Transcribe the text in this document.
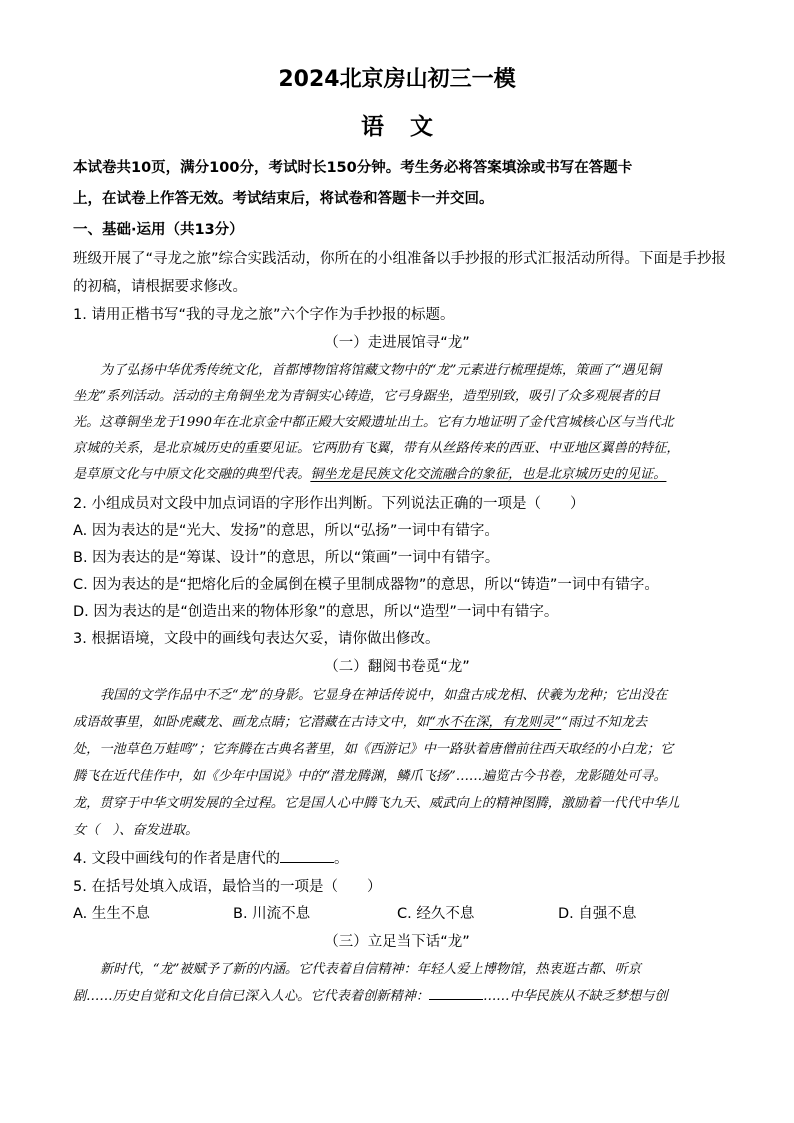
2024北京房山初三一模
语文
本试卷共10页，满分100分，考试时长150分钟。考生务必将答案填涂或书写在答题卡
上，在试卷上作答无效。考试结束后，将试卷和答题卡一并交回。
一、基础·运用（共13分）
班级开展了“寻龙之旅”综合实践活动，你所在的小组准备以手抄报的形式汇报活动所得。下面是手抄报
的初稿，请根据要求修改。
1. 请用正楷书写“我的寻龙之旅”六个字作为手抄报的标题。
（一）走进展馆寻“龙”
为了弘扬中华优秀传统文化，首都博物馆将馆藏文物中的“龙”元素进行梳理提炼，策画了“遇见铜
坐龙”系列活动。活动的主角铜坐龙为青铜实心铸造，它弓身踞坐，造型别致，吸引了众多观展者的目
光。这尊铜坐龙于1990年在北京金中都正殿大安殿遗址出土。它有力地证明了金代宫城核心区与当代北
京城的关系，是北京城历史的重要见证。它两肋有飞翼，带有从丝路传来的西亚、中亚地区翼兽的特征，
是草原文化与中原文化交融的典型代表。铜坐龙是民族文化交流融合的象征，也是北京城历史的见证。
2. 小组成员对文段中加点词语的字形作出判断。下列说法正确的一项是（　　）
A. 因为表达的是“光大、发扬”的意思，所以“弘扬”一词中有错字。
B. 因为表达的是“筹谋、设计”的意思，所以“策画”一词中有错字。
C. 因为表达的是“把熔化后的金属倒在模子里制成器物”的意思，所以“铸造”一词中有错字。
D. 因为表达的是“创造出来的物体形象”的意思，所以“造型”一词中有错字。
3. 根据语境，文段中的画线句表达欠妥，请你做出修改。
（二）翻阅书卷觅“龙”
我国的文学作品中不乏“龙”的身影。它显身在神话传说中，如盘古成龙相、伏羲为龙种；它出没在
成语故事里，如卧虎藏龙、画龙点睛；它潜藏在古诗文中，如“水不在深，有龙则灵”“雨过不知龙去
处，一池草色万蛙鸣”；它奔腾在古典名著里，如《西游记》中一路驮着唐僧前往西天取经的小白龙；它
腾飞在近代佳作中，如《少年中国说》中的“潜龙腾渊，鳞爪飞扬”……遍览古今书卷，龙影随处可寻。
龙，贯穿于中华文明发展的全过程。它是国人心中腾飞九天、威武向上的精神图腾，激励着一代代中华儿
女（　）、奋发进取。
4. 文段中画线句的作者是唐代的	。
5. 在括号处填入成语，最恰当的一项是（　　）
A. 生生不息	B. 川流不息	C. 经久不息	D. 自强不息
（三）立足当下话“龙”
新时代，“龙”被赋予了新的内涵。它代表着自信精神：年轻人爱上博物馆，热衷逛古都、听京
剧……历史自觉和文化自信已深入人心。它代表着创新精神：	……中华民族从不缺乏梦想与创
